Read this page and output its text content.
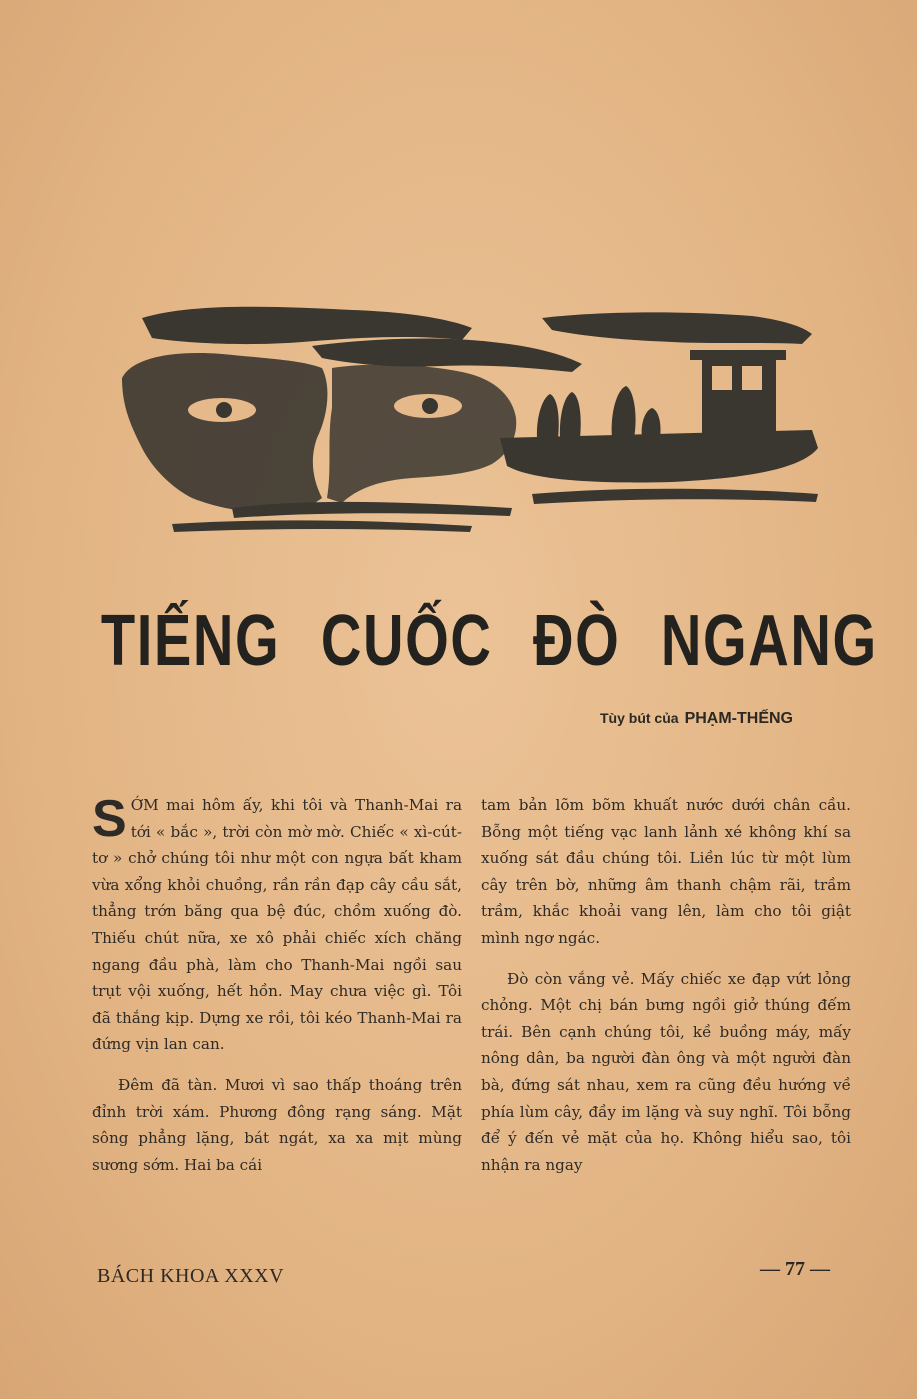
TIẾNG CUỐC ĐÒ NGANG
Tùy bút của PHẠM-THẾNG

SỚM mai hôm ấy, khi tôi và Thanh-Mai ra tới « bắc », trời còn mờ mờ. Chiếc « xì-cút-tơ » chở chúng tôi như một con ngựa bất kham vừa xổng khỏi chuồng, rần rần đạp cây cầu sắt, thẳng trớn băng qua bệ đúc, chồm xuống đò. Thiếu chút nữa, xe xô phải chiếc xích chăng ngang đầu phà, làm cho Thanh-Mai ngồi sau trụt vội xuống, hết hồn. May chưa việc gì. Tôi đã thắng kịp. Dựng xe rồi, tôi kéo Thanh-Mai ra đứng vịn lan can.

Đêm đã tàn. Mươi vì sao thấp thoáng trên đỉnh trời xám. Phương đông rạng sáng. Mặt sông phẳng lặng, bát ngát, xa xa mịt mùng sương sớm. Hai ba cái

tam bản lõm bõm khuất nước dưới chân cầu. Bỗng một tiếng vạc lanh lảnh xé không khí sa xuống sát đầu chúng tôi. Liền lúc từ một lùm cây trên bờ, những âm thanh chậm rãi, trầm trầm, khắc khoải vang lên, làm cho tôi giật mình ngơ ngác.

Đò còn vắng vẻ. Mấy chiếc xe đạp vứt lỏng chỏng. Một chị bán bưng ngồi giở thúng đếm trái. Bên cạnh chúng tôi, kề buồng máy, mấy nông dân, ba người đàn ông và một người đàn bà, đứng sát nhau, xem ra cũng đều hướng về phía lùm cây, đầy im lặng và suy nghĩ. Tôi bỗng để ý đến vẻ mặt của họ. Không hiểu sao, tôi nhận ra ngay

BÁCH KHOA XXXV	— 77 —
